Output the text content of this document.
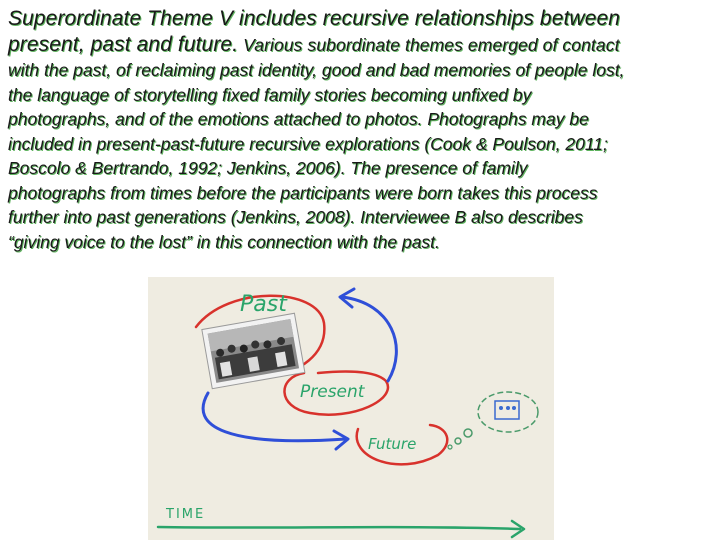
Superordinate Theme V includes recursive relationships between
present, past and future. Various subordinate themes emerged of contact
with the past, of reclaiming past identity, good and bad memories of people lost,
the language of storytelling fixed family stories becoming unfixed by
photographs, and of the emotions attached to photos. Photographs may be
included in present-past-future recursive explorations (Cook & Poulson, 2011;
Boscolo & Bertrando, 1992; Jenkins, 2006). The presence of family
photographs from times before the participants were born takes this process
further into past generations (Jenkins, 2008). Interviewee B also describes
“giving voice to the lost” in this connection with the past.
Past
Present
Future
TIME
